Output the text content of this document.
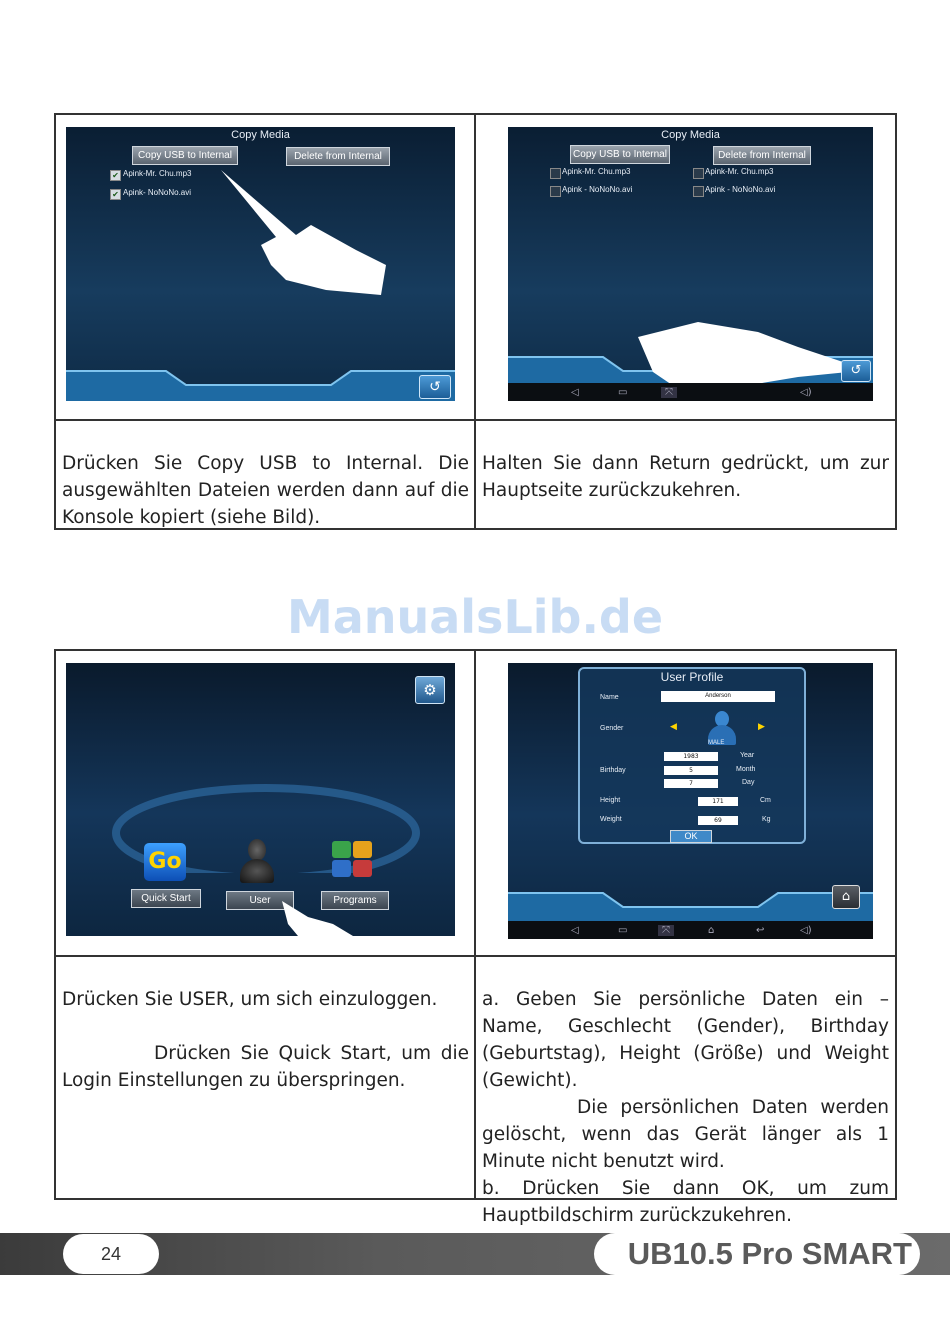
Copy Media
Copy USB to Internal	Delete from Internal
✔ Apink-Mr. Chu.mp3
✔ Apink- NoNoNo.avi
↺
Copy Media
Copy USB to Internal	Delete from Internal
Apink-Mr. Chu.mp3
Apink - NoNoNo.avi
Apink-Mr. Chu.mp3
Apink - NoNoNo.avi
↺
◁	▭	⤧	◁)
Drücken Sie Copy USB to Internal. Die ausgewählten Dateien werden dann auf die Konsole kopiert (siehe Bild).
Halten Sie dann Return gedrückt, um zur Hauptseite zurückzukehren.
ManualsLib.de
⚙
Go
Quick Start	User	Programs
User Profile
Name	Anderson
Gender	◀	▶
MALE
Birthday
1983	Year
5	Month
7	Day
Height	171	Cm
Weight	69	Kg
OK
⌂
◁	▭	⤧	⌂	↩	◁)
Drücken Sie USER, um sich einzuloggen.
Drücken Sie Quick Start, um die Login Einstellungen zu überspringen.
a. Geben Sie persönliche Daten ein – Name, Geschlecht (Gender), Birthday (Geburtstag), Height (Größe) und Weight (Gewicht).
Die persönlichen Daten werden gelöscht, wenn das Gerät länger als 1 Minute nicht benutzt wird.
b. Drücken Sie dann OK, um zum Hauptbildschirm zurückzukehren.
24	UB10.5 Pro SMART
